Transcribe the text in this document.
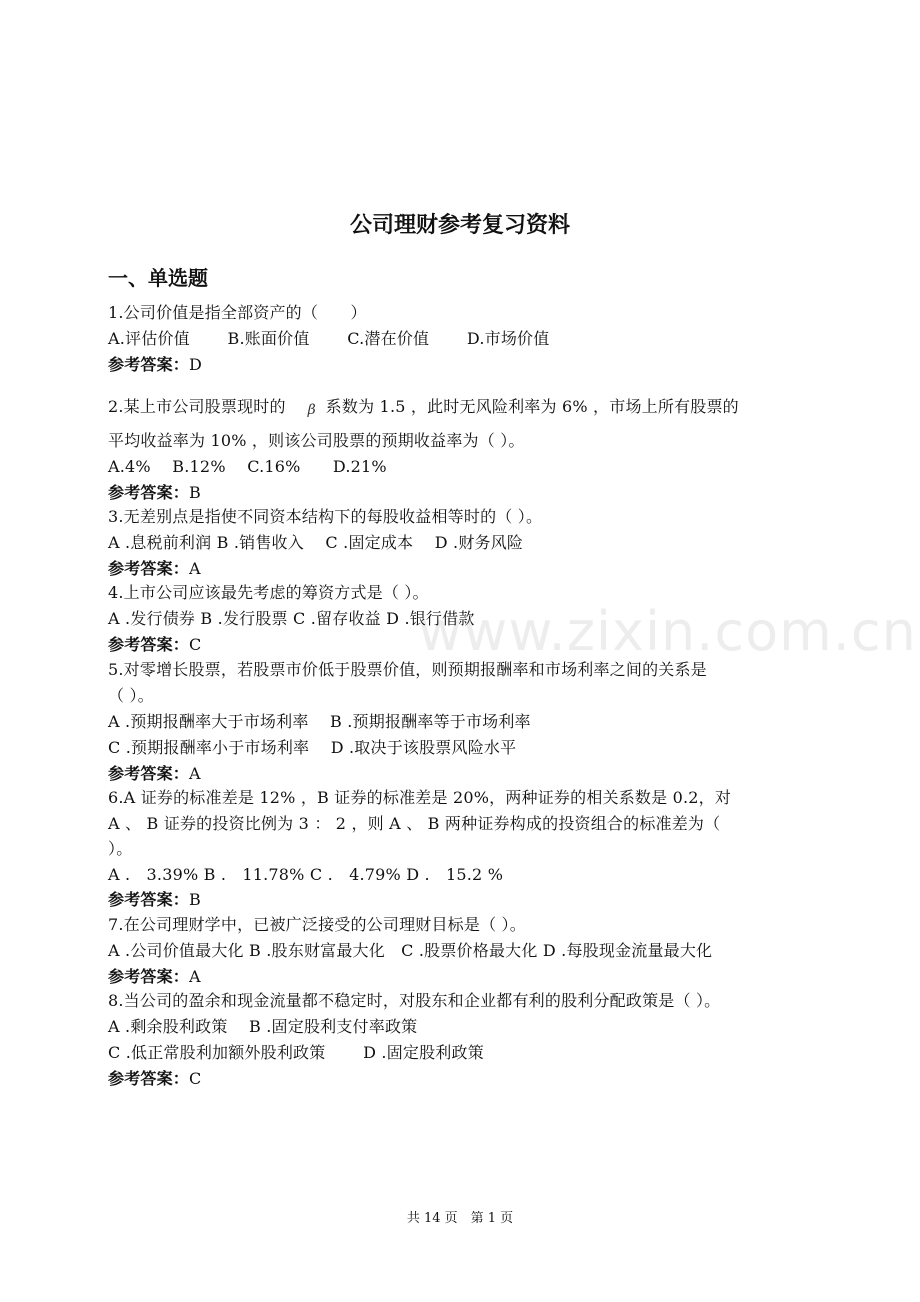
www.zixin.com.cn
公司理财参考复习资料
一、单选题
1.公司价值是指全部资产的（　　）
A.评估价值　　 B.账面价值　　 C.潜在价值　　 D.市场价值
参考答案：D
2.某上市公司股票现时的 β 系数为 1.5 ，此时无风险利率为 6% ，市场上所有股票的
平均收益率为 10% ，则该公司股票的预期收益率为（ ）。
A.4%　 B.12%　 C.16%　　D.21%
参考答案：B
3.无差别点是指使不同资本结构下的每股收益相等时的（ ）。
A .息税前利润 B .销售收入　 C .固定成本　 D .财务风险
参考答案：A
4.上市公司应该最先考虑的筹资方式是（ ）。
A .发行债券 B .发行股票 C .留存收益 D .银行借款
参考答案：C
5.对零增长股票，若股票市价低于股票价值，则预期报酬率和市场利率之间的关系是
（ ）。
A .预期报酬率大于市场利率　 B .预期报酬率等于市场利率
C .预期报酬率小于市场利率　 D .取决于该股票风险水平
参考答案：A
6.A 证券的标准差是 12% ，B 证券的标准差是 20%，两种证券的相关系数是 0.2，对
A 、 B 证券的投资比例为 3 ： 2 ，则 A 、 B 两种证券构成的投资组合的标准差为（
）。
A .　3.39% B .　11.78% C .　4.79% D .　15.2 %
参考答案：B
7.在公司理财学中，已被广泛接受的公司理财目标是（ ）。
A .公司价值最大化 B .股东财富最大化　C .股票价格最大化 D .每股现金流量最大化
参考答案：A
8.当公司的盈余和现金流量都不稳定时，对股东和企业都有利的股利分配政策是（ ）。
A .剩余股利政策　 B .固定股利支付率政策
C .低正常股利加额外股利政策　　 D .固定股利政策
参考答案：C
共 14 页　第 1 页
